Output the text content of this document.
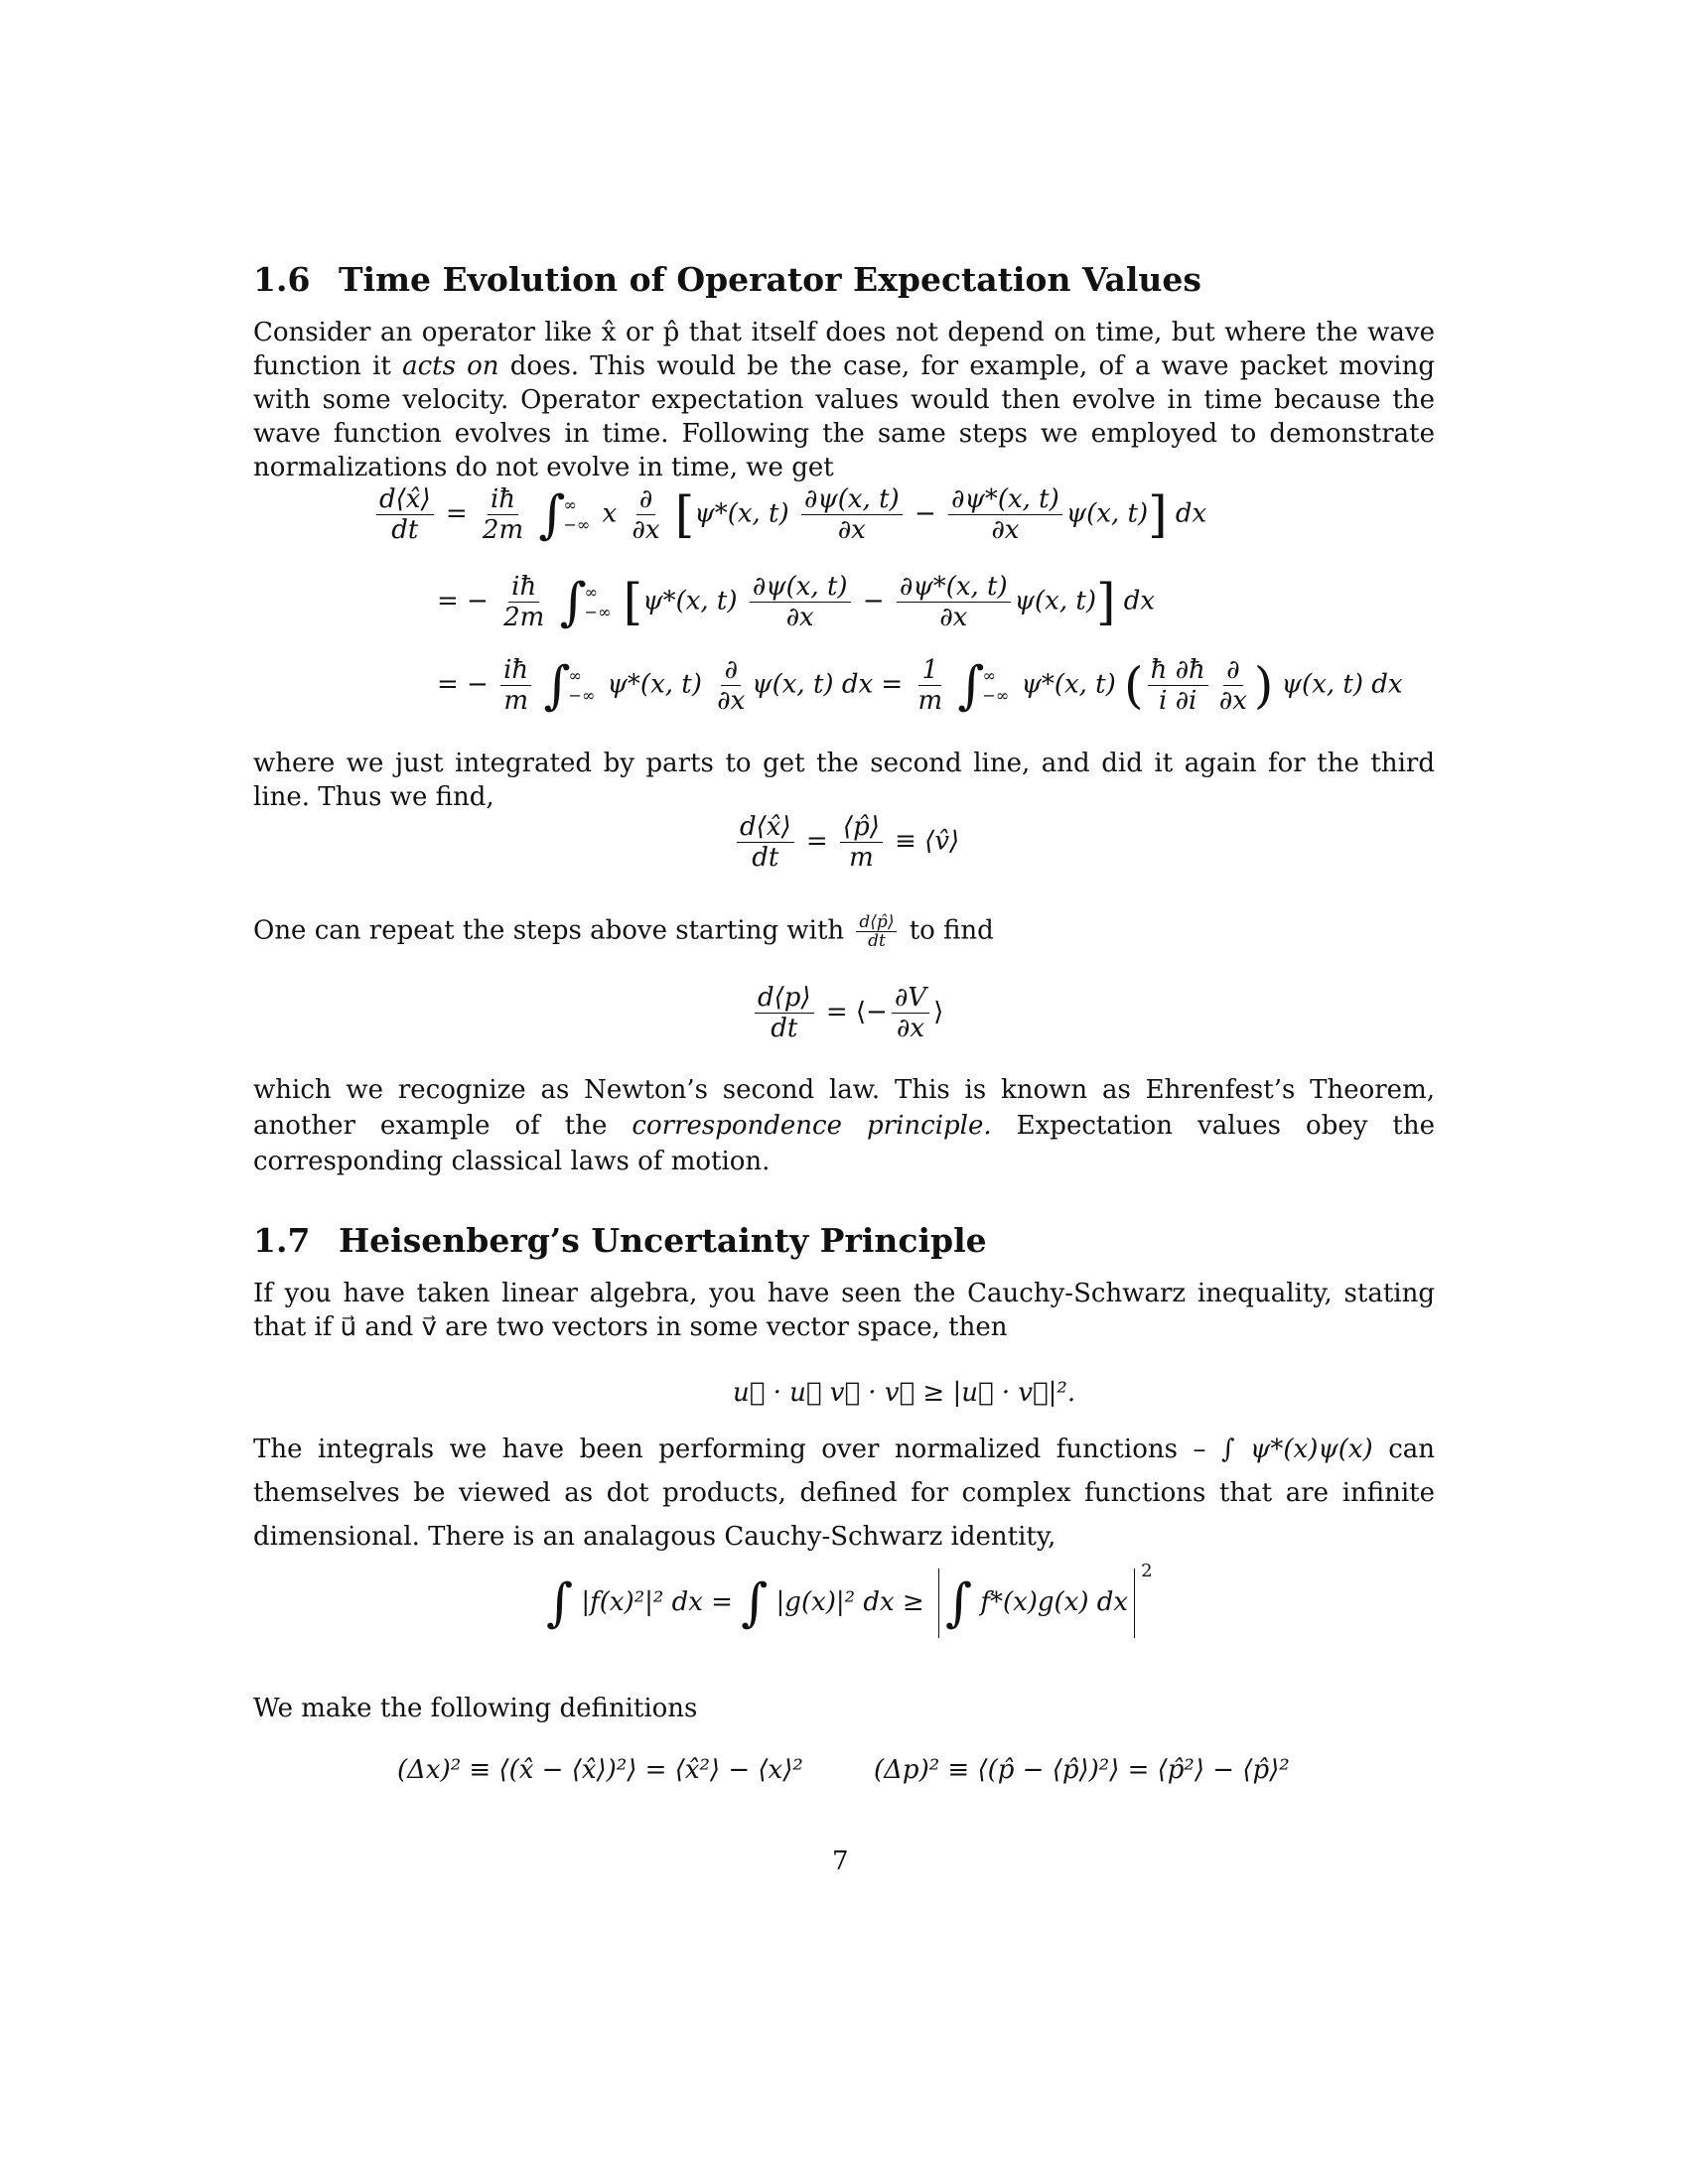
1.6 Time Evolution of Operator Expectation Values
Consider an operator like x̂ or p̂ that itself does not depend on time, but where the wave function it acts on does. This would be the case, for example, of a wave packet moving with some velocity. Operator expectation values would then evolve in time because the wave function evolves in time. Following the same steps we employed to demonstrate normalizations do not evolve in time, we get
$\frac{d⟨x̂⟩}{dt} = \frac{iħ}{2m}$ ∫
∞
−∞ x $\frac{\partial}{\partial x} [\psi*(x$, $t) \frac{\partial\psi(x, t)}{\partial x} - \frac{\partial\psi*(x, t)}{\partial x} \psi(x$, t)] dx
= − $\frac{iħ}{2m}$ ∫
∞
−∞ [ψ*(x, $t) \frac{\partial\psi(x, t)}{\partial x} - \frac{\partial\psi*(x, t)}{\partial x} \psi(x$, t)] dx
= − $\frac{iħ}{m}$ ∫
∞
−∞ ψ*(x, $t) \frac{\partial}{\partial x} \psi(x$, t) dx = $\frac{1}{m}$ ∫
∞
−∞ ψ*(x, t) ( $\frac{ħ \partial ħ}{i \partial i} \frac{\partial}{\partial x}$ ) ψ(x, t) dx
where we just integrated by parts to get the second line, and did it again for the third line. Thus we find,
$\frac{d⟨x̂⟩}{dt} = \frac{⟨p̂⟩}{m}$ ≡ ⟨v̂⟩
One can repeat the steps above starting with $\frac{d⟨p̂⟩}{dt}$ to find
$\frac{d⟨p⟩}{dt}$ = ⟨− $\frac{\partial V}{\partial x}$ ⟩
which we recognize as Newton’s second law. This is known as Ehrenfest’s Theorem, another example of the correspondence principle. Expectation values obey the corresponding classical laws of motion.
1.7 Heisenberg’s Uncertainty Principle
If you have taken linear algebra, you have seen the Cauchy-Schwarz inequality, stating that if u⃗ and v⃗ are two vectors in some vector space, then
u⃗ · u⃗ v⃗ · v⃗ ≥ |u⃗ · v⃗|².
The integrals we have been performing over normalized functions – ∫ ψ*(x)ψ(x) can themselves be viewed as dot products, defined for complex functions that are infinite dimensional. There is an analagous Cauchy-Schwarz identity,
∫ |f(x)²|² dx = ∫ |g(x)|² dx ≥ ∫ f*(x)g(x) $dx^2$
We make the following definitions
(Δx)² ≡ ⟨(x̂ − ⟨x̂⟩)²⟩ = ⟨x̂²⟩ − ⟨x⟩²	(Δp)² ≡ ⟨(p̂ − ⟨p̂⟩)²⟩ = ⟨p̂²⟩ − ⟨p̂⟩²
7
